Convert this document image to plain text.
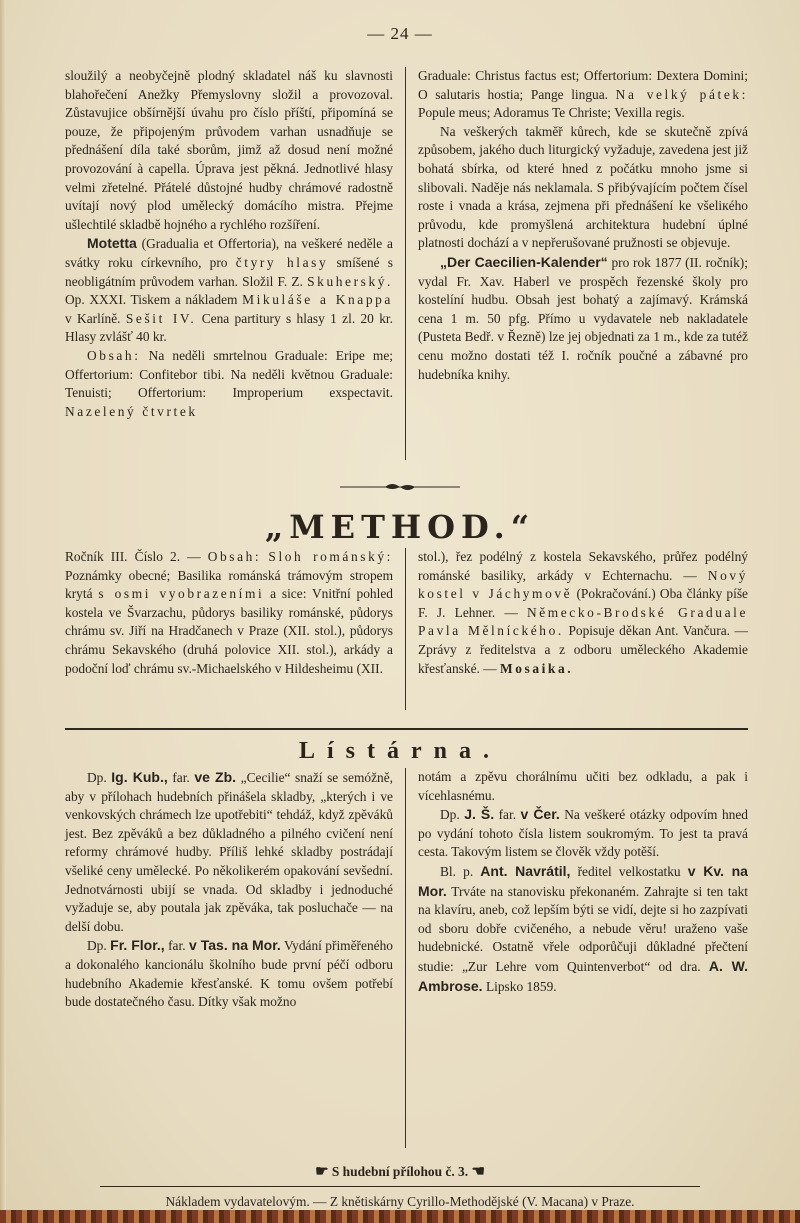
— 24 —

sloužilý a neobyčejně plodný skladatel náš ku slavnosti blahořečení Anežky Přemyslovny složil a provozoval. Zůstavujice obšírnější úvahu pro číslo příští, připomíná se pouze, že připojeným průvodem varhan usnadňuje se přednášení díla také sborům, jimž až dosud není možné provozování à capella. Úprava jest pěkná. Jednotlivé hlasy velmi zřetelné. Přátelé důstojné hudby chrámové radostně uvítají nový plod umělecký domácího mistra. Přejme ušlechtilé skladbě hojného a rychlého rozšíření.

Motetta (Gradualia et Offertoria), na veškeré neděle a svátky roku církevního, pro čtyry hlasy smíšené s neobligátním průvodem varhan. Složil F. Z. Skuherský. Op. XXXI. Tiskem a nákladem Mikuláše a Knappa v Karlíně. Sešit IV. Cena partitury s hlasy 1 zl. 20 kr. Hlasy zvlášť 40 kr.

Obsah: Na neděli smrtelnou Graduale: Eripe me; Offertorium: Confitebor tibi. Na neděli květnou Graduale: Tenuisti; Offertorium: Improperium exspectavit. Nazelený čtvrtek

Graduale: Christus factus est; Offertorium: Dextera Domini; O salutaris hostia; Pange lingua. Na velký pátek: Popule meus; Adoramus Te Christe; Vexilla regis.

Na veškerých takměř kůrech, kde se skutečně zpívá způsobem, jakého duch liturgický vyžaduje, zavedena jest již bohatá sbírka, od které hned z počátku mnoho jsme si slibovali. Naděje nás neklamala. S přibývajícím počtem čísel roste i vnada a krása, zejmena při přednášení ke všeliкého průvodu, kde promyšlená architektura hudební úplné platnosti dochází a v nepřerušované pružnosti se objevuje.

„Der Caecilien-Kalender“ pro rok 1877 (II. ročník); vydal Fr. Xav. Haberl ve prospěch řezenské školy pro kostelíní hudbu. Obsah jest bohatý a zajímavý. Krámská cena 1 m. 50 pfg. Přímo u vydavatele neb nakladatele (Pusteta Bedř. v Řezně) lze jej objednati za 1 m., kde za tutéž cenu možno dostati též I. ročník poučné a zábavné pro hudebníka knihy.

„METHOD.“

Ročník III. Číslo 2. — Obsah: Sloh románský: Poznámky obecné; Basilika románská trámovým stropem krytá s osmi vyobrazeními a sice: Vnitřní pohled kostela ve Švarzachu, půdorys basiliky románské, půdorys chrámu sv. Jiří na Hradčanech v Praze (XII. stol.), půdorys chrámu Sekavského (druhá polovice XII. stol.), arkády a podoční loď chrámu sv.-Michaelského v Hildesheimu (XII.

stol.), řez podélný z kostela Sekavského, průřez podélný románské basiliky, arkády v Echternachu. — Nový kostel v Jáchymově (Pokračování.) Oba články píše F. J. Lehner. — Německo-Brodské Graduale Pavla Mělníckého. Popisuje děkan Ant. Vančura. — Zprávy z ředitelstva a z odboru uměleckého Akademie křesťanské. — Mosaika.

Lístárna.

Dp. Ig. Kub., far. ve Zb. „Cecilie“ snaží se semóžně, aby v přílohach hudebních přinášela skladby, „kterých i ve venkovských chrámech lze upotřebiti“ tehdáž, když zpěváků jest. Bez zpěváků a bez důkladného a pilného cvičení není reformy chrámové hudby. Příliš lehké skladby postrádají všeliké ceny umělecké. Po několikerém opakování sevšední. Jednotvárnosti ubijí se vnada. Od skladby i jednoduché vyžaduje se, aby poutala jak zpěváka, tak posluchače — na delší dobu.

Dp. Fr. Flor., far. v Tas. na Mor. Vydání přiměřeného a dokonalého kancionálu školního bude první péčí odboru hudebního Akademie křesťanské. K tomu ovšem potřebí bude dostatečného času. Dítky však možno

notám a zpěvu chorálnímu učiti bez odkladu, a pak i vícehlasnému.

Dp. J. Š. far. v Čer. Na veškeré otázky odpovím hned po vydání tohoto čísla listem soukromým. To jest ta pravá cesta. Takovým listem se člověk vždy potěší.

Bl. p. Ant. Navrátil, ředitel velkostatku v Kv. na Mor. Trváte na stanovisku překonaném. Zahrajte si ten takt na klavíru, aneb, což lepším býti se vidí, dejte si ho zazpívati od sboru dobře cvičeného, a nebude věru! uraženo vaše hudebnické. Ostatně vřele odporůčuji důkladné přečtení studie: „Zur Lehre vom Quintenverbot“ od dra. A. W. Ambrose. Lipsko 1859.

☛ S hudební přílohou č. 3. ☚
Nákladem vydavatelovým. — Z knětiskárny Cyrillo-Methodějské (V. Macana) v Praze.
